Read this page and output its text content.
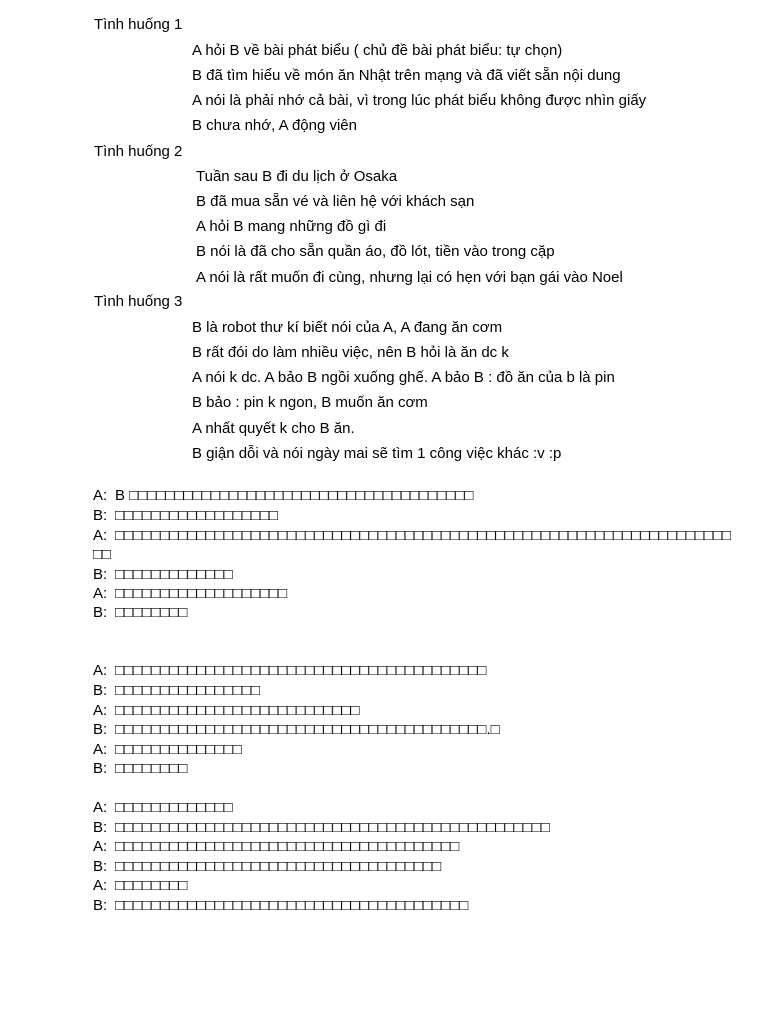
Tình huống 1
A hỏi B về bài phát biểu ( chủ đề bài phát biểu: tự chọn)
B đã tìm hiểu về món ăn Nhật trên mạng và đã viết sẵn nội dung
A nói là phải nhớ cả bài, vì trong lúc phát biểu không được nhìn giấy
B chưa nhớ, A động viên
Tình huống 2
Tuần sau B đi du lịch ở Osaka
B đã mua sẵn vé và liên hệ với khách sạn
A hỏi B mang những đồ gì đi
B nói là đã cho sẵn quần áo, đồ lót, tiền vào trong cặp
A nói là rất muốn đi cùng, nhưng lại có hẹn với bạn gái vào Noel
Tình huống 3
B là robot thư kí biết nói của A, A đang ăn cơm
B rất đói do làm nhiều việc, nên B hỏi là ăn dc k
A nói k dc. A bảo B ngồi xuống ghế. A bảo B : đồ ăn của b là pin
B bảo : pin k ngon, B muốn ăn cơm
A nhất quyết k cho B ăn.
B giận dỗi và nói ngày mai sẽ tìm 1 công việc khác :v :p
A: B □□□□□□□□□□□□□□□□□□□□□□□□□□□□□□□□□□□□□□
B: □□□□□□□□□□□□□□□□□□
A: □□□□□□□□□□□□□□□□□□□□□□□□□□□□□□□□□□□□□□□□□□□□□□□□□□□□□□□□□□□□□□□□□□□□
□□
B: □□□□□□□□□□□□□
A: □□□□□□□□□□□□□□□□□□□
B: □□□□□□□□
A: □□□□□□□□□□□□□□□□□□□□□□□□□□□□□□□□□□□□□□□□□
B: □□□□□□□□□□□□□□□□
A: □□□□□□□□□□□□□□□□□□□□□□□□□□□
B: □□□□□□□□□□□□□□□□□□□□□□□□□□□□□□□□□□□□□□□□□.□
A: □□□□□□□□□□□□□□
B: □□□□□□□□
A: □□□□□□□□□□□□□
B: □□□□□□□□□□□□□□□□□□□□□□□□□□□□□□□□□□□□□□□□□□□□□□□□
A: □□□□□□□□□□□□□□□□□□□□□□□□□□□□□□□□□□□□□□
B: □□□□□□□□□□□□□□□□□□□□□□□□□□□□□□□□□□□□
A: □□□□□□□□
B: □□□□□□□□□□□□□□□□□□□□□□□□□□□□□□□□□□□□□□□
